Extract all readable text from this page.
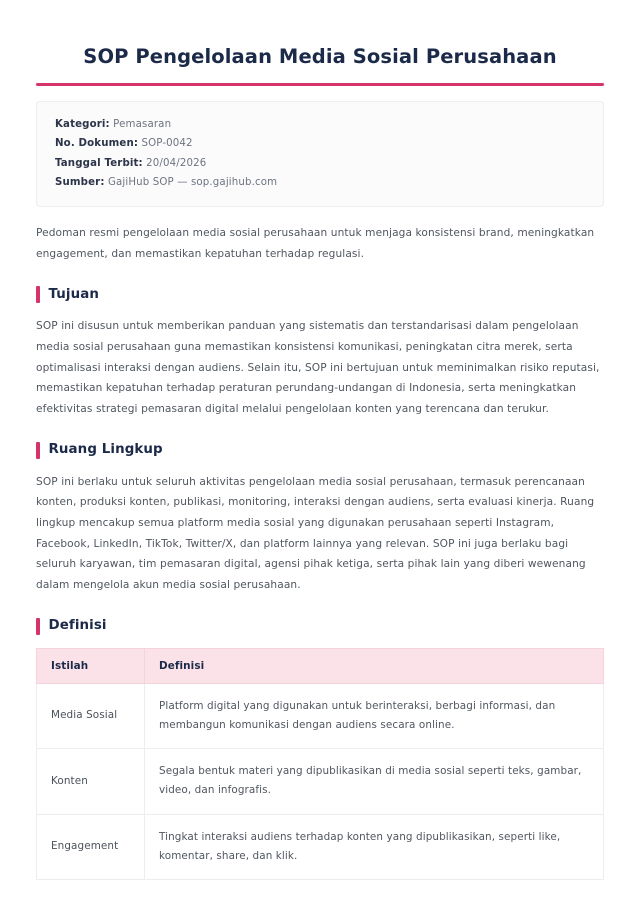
SOP Pengelolaan Media Sosial Perusahaan
Kategori: Pemasaran
No. Dokumen: SOP-0042
Tanggal Terbit: 20/04/2026
Sumber: GajiHub SOP — sop.gajihub.com

Pedoman resmi pengelolaan media sosial perusahaan untuk menjaga konsistensi brand, meningkatkan engagement, dan memastikan kepatuhan terhadap regulasi.

Tujuan

SOP ini disusun untuk memberikan panduan yang sistematis dan terstandarisasi dalam pengelolaan media sosial perusahaan guna memastikan konsistensi komunikasi, peningkatan citra merek, serta optimalisasi interaksi dengan audiens. Selain itu, SOP ini bertujuan untuk meminimalkan risiko reputasi, memastikan kepatuhan terhadap peraturan perundang-undangan di Indonesia, serta meningkatkan efektivitas strategi pemasaran digital melalui pengelolaan konten yang terencana dan terukur.

Ruang Lingkup

SOP ini berlaku untuk seluruh aktivitas pengelolaan media sosial perusahaan, termasuk perencanaan konten, produksi konten, publikasi, monitoring, interaksi dengan audiens, serta evaluasi kinerja. Ruang lingkup mencakup semua platform media sosial yang digunakan perusahaan seperti Instagram, Facebook, LinkedIn, TikTok, Twitter/X, dan platform lainnya yang relevan. SOP ini juga berlaku bagi seluruh karyawan, tim pemasaran digital, agensi pihak ketiga, serta pihak lain yang diberi wewenang dalam mengelola akun media sosial perusahaan.

Definisi
Istilah	Definisi
Media Sosial	Platform digital yang digunakan untuk berinteraksi, berbagi informasi, dan membangun komunikasi dengan audiens secara online.
Konten	Segala bentuk materi yang dipublikasikan di media sosial seperti teks, gambar, video, dan infografis.
Engagement	Tingkat interaksi audiens terhadap konten yang dipublikasikan, seperti like, komentar, share, dan klik.
